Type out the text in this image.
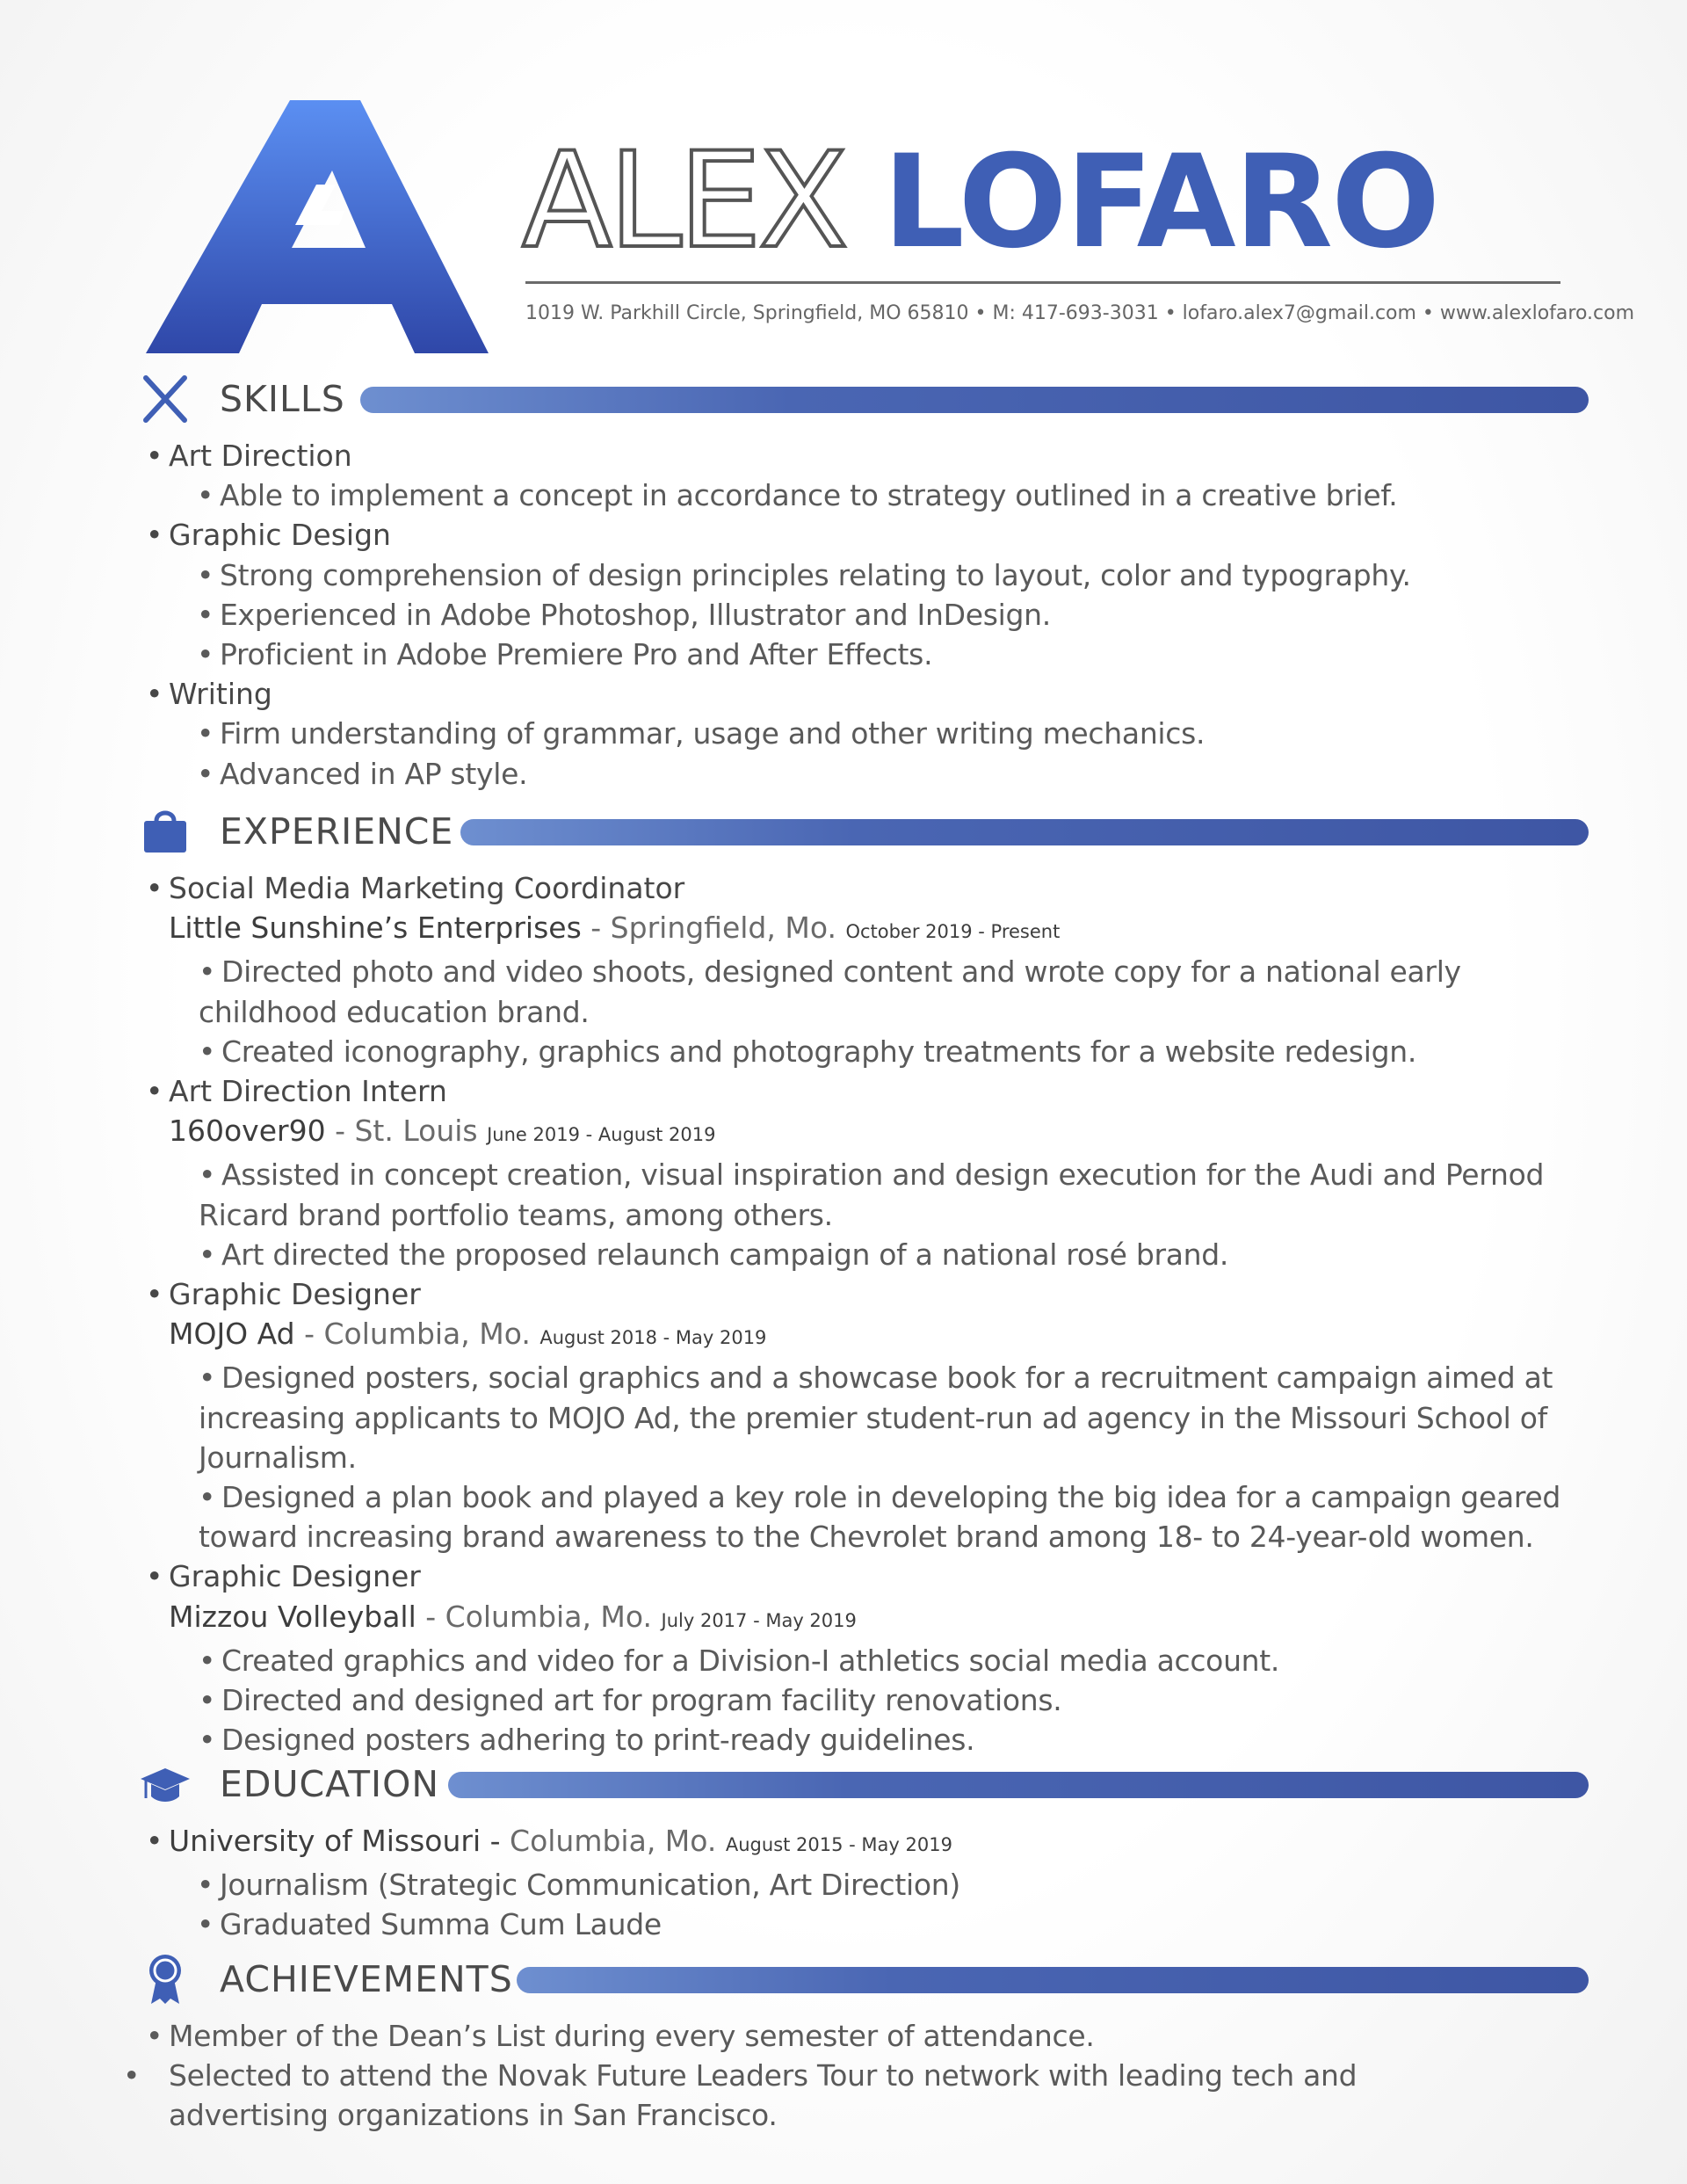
ALEX LOFARO
1019 W. Parkhill Circle, Springfield, MO 65810 • M: 417-693-3031 • lofaro.alex7@gmail.com • www.alexlofaro.com
SKILLS
• Art Direction
• Able to implement a concept in accordance to strategy outlined in a creative brief.
• Graphic Design
• Strong comprehension of design principles relating to layout, color and typography.
• Experienced in Adobe Photoshop, Illustrator and InDesign.
• Proficient in Adobe Premiere Pro and After Effects.
• Writing
• Firm understanding of grammar, usage and other writing mechanics.
• Advanced in AP style.
EXPERIENCE
• Social Media Marketing Coordinator
Little Sunshine’s Enterprises - Springfield, Mo. October 2019 - Present
• Directed photo and video shoots, designed content and wrote copy for a national early childhood education brand.
• Created iconography, graphics and photography treatments for a website redesign.
• Art Direction Intern
160over90 - St. Louis June 2019 - August 2019
• Assisted in concept creation, visual inspiration and design execution for the Audi and Pernod Ricard brand portfolio teams, among others.
• Art directed the proposed relaunch campaign of a national rosé brand.
• Graphic Designer
MOJO Ad - Columbia, Mo. August 2018 - May 2019
• Designed posters, social graphics and a showcase book for a recruitment campaign aimed at increasing applicants to MOJO Ad, the premier student-run ad agency in the Missouri School of Journalism.
• Designed a plan book and played a key role in developing the big idea for a campaign geared toward increasing brand awareness to the Chevrolet brand among 18- to 24-year-old women.
• Graphic Designer
Mizzou Volleyball - Columbia, Mo. July 2017 - May 2019
• Created graphics and video for a Division-I athletics social media account.
• Directed and designed art for program facility renovations.
• Designed posters adhering to print-ready guidelines.
EDUCATION
• University of Missouri - Columbia, Mo. August 2015 - May 2019
• Journalism (Strategic Communication, Art Direction)
• Graduated Summa Cum Laude
ACHIEVEMENTS
• Member of the Dean’s List during every semester of attendance.
• Selected to attend the Novak Future Leaders Tour to network with leading tech and advertising organizations in San Francisco.
